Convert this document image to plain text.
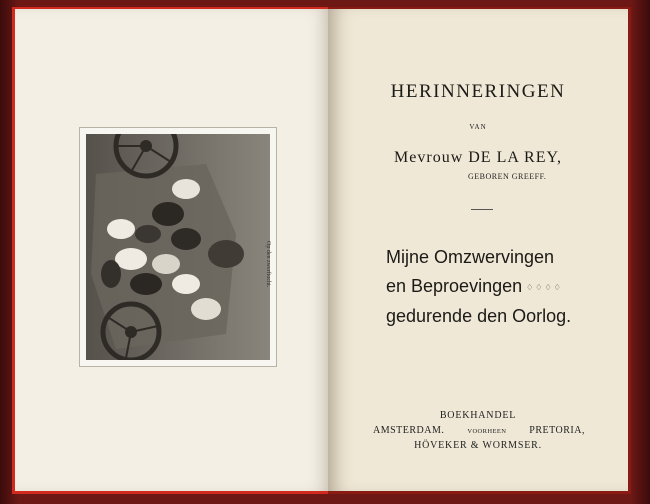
Op den zwerftocht.
HERINNERINGEN
VAN
Mevrouw DE LA REY,
GEBOREN GREEFF.
Mijne Omzwervingen
en Beproevingen ♢♢♢♢
gedurende den Oorlog.
BOEKHANDEL
AMSTERDAM.	VOORHEEN PRETORIA,
HÖVEKER & WORMSER.
